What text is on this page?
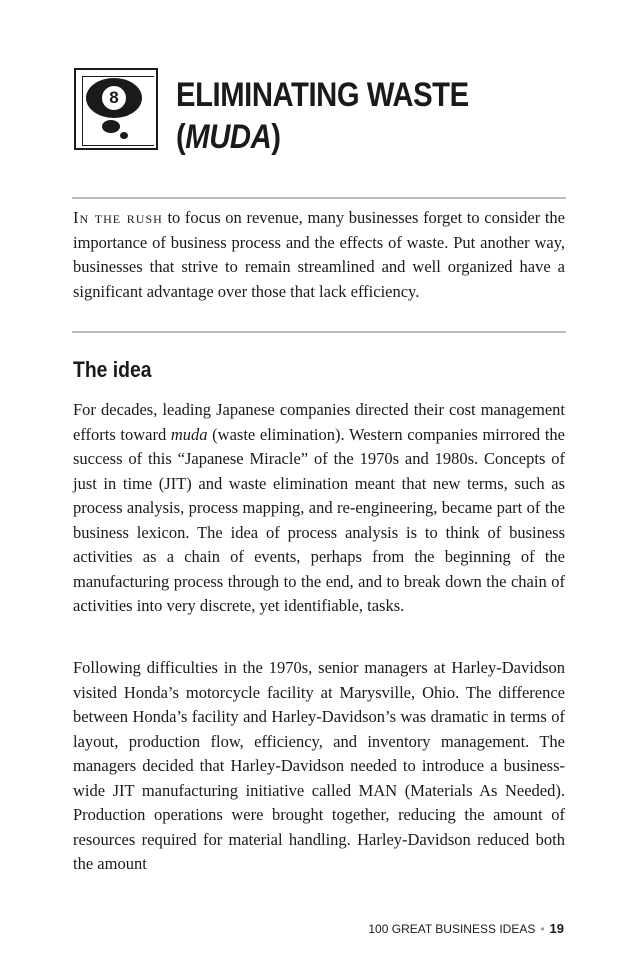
8 ELIMINATING WASTE
(MUDA)

In the rush to focus on revenue, many businesses forget to consider the importance of business process and the effects of waste. Put another way, businesses that strive to remain streamlined and well organized have a significant advantage over those that lack efficiency.

The idea

For decades, leading Japanese companies directed their cost management efforts toward muda (waste elimination). Western companies mirrored the success of this “Japanese Miracle” of the 1970s and 1980s. Concepts of just in time (JIT) and waste elimination meant that new terms, such as process analysis, process mapping, and re-engineering, became part of the business lexicon. The idea of process analysis is to think of business activities as a chain of events, perhaps from the beginning of the manufacturing process through to the end, and to break down the chain of activities into very discrete, yet identifiable, tasks.

Following difficulties in the 1970s, senior managers at Harley-Davidson visited Honda’s motorcycle facility at Marysville, Ohio. The difference between Honda’s facility and Harley-Davidson’s was dramatic in terms of layout, production flow, efficiency, and inventory management. The managers decided that Harley-Davidson needed to introduce a business-wide JIT manufacturing initiative called MAN (Materials As Needed). Production operations were brought together, reducing the amount of resources required for material handling. Harley-Davidson reduced both the amount

100 GREAT BUSINESS IDEAS • 19
